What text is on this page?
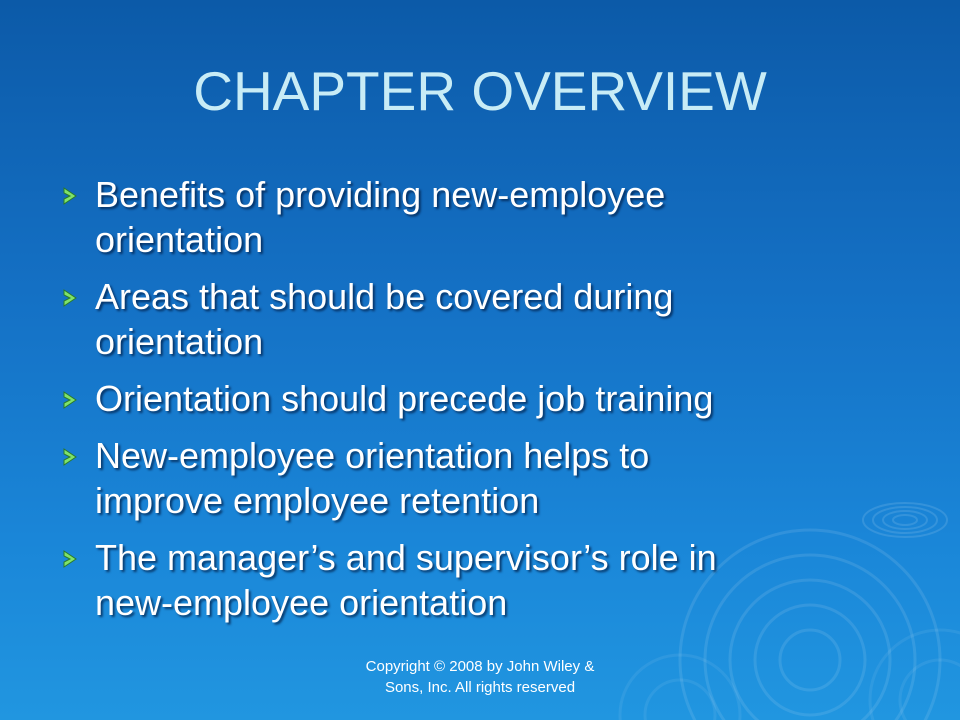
CHAPTER OVERVIEW
Benefits of providing new-employee
orientation
Areas that should be covered during
orientation
Orientation should precede job training
New-employee orientation helps to
improve employee retention
The manager’s and supervisor’s role in
new-employee orientation
Copyright © 2008 by John Wiley &
Sons, Inc. All rights reserved
